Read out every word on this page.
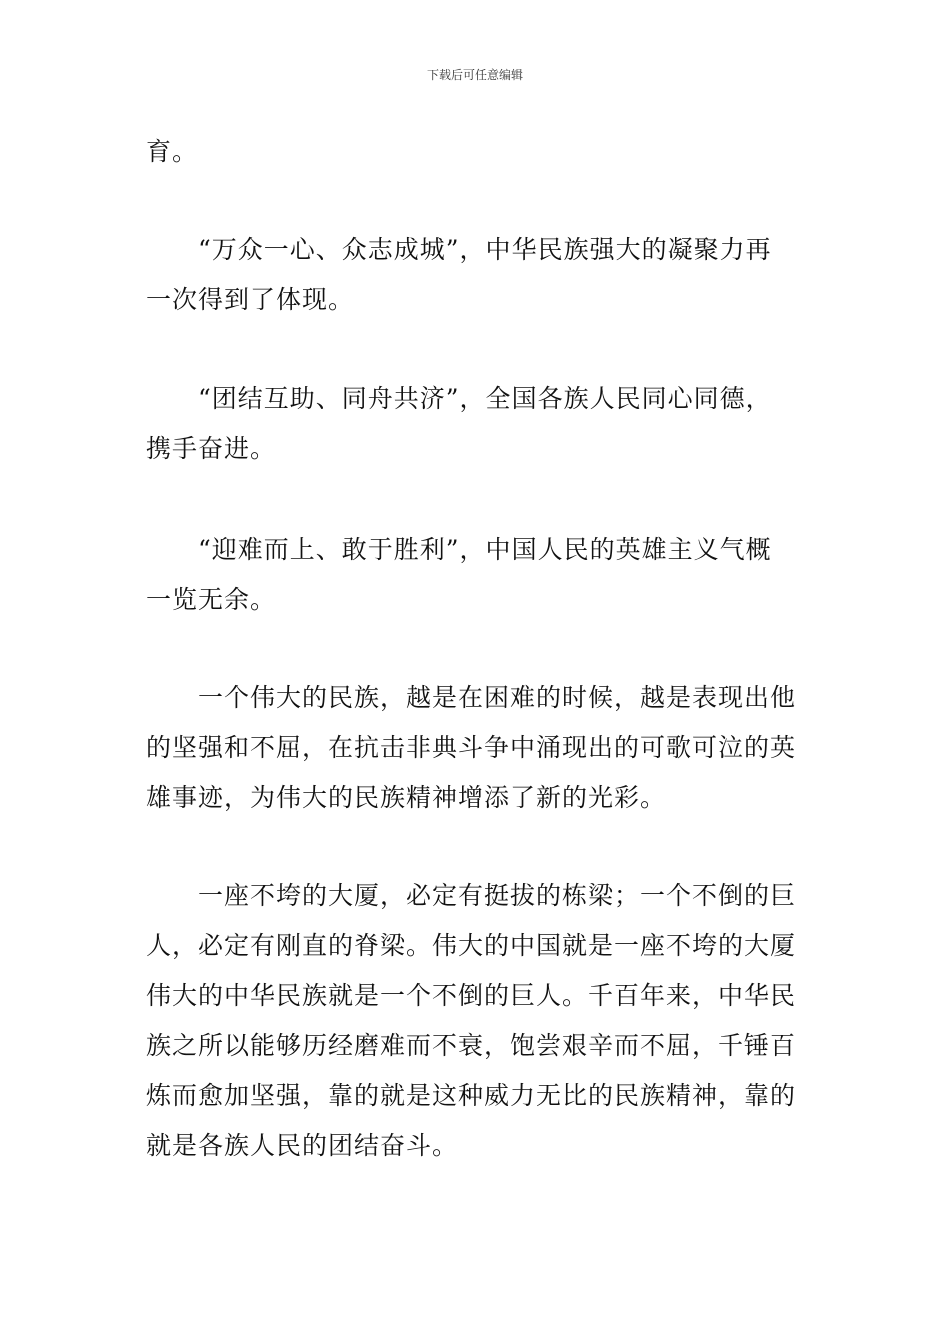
下载后可任意编辑
育。
“万众一心、众志成城”，中华民族强大的凝聚力再
一次得到了体现。
“团结互助、同舟共济”，全国各族人民同心同德，
携手奋进。
“迎难而上、敢于胜利”，中国人民的英雄主义气概
一览无余。
一个伟大的民族，越是在困难的时候，越是表现出他
的坚强和不屈，在抗击非典斗争中涌现出的可歌可泣的英
雄事迹，为伟大的民族精神增添了新的光彩。
一座不垮的大厦，必定有挺拔的栋梁；一个不倒的巨
人，必定有刚直的脊梁。伟大的中国就是一座不垮的大厦
伟大的中华民族就是一个不倒的巨人。千百年来，中华民
族之所以能够历经磨难而不衰，饱尝艰辛而不屈，千锤百
炼而愈加坚强，靠的就是这种威力无比的民族精神，靠的
就是各族人民的团结奋斗。
